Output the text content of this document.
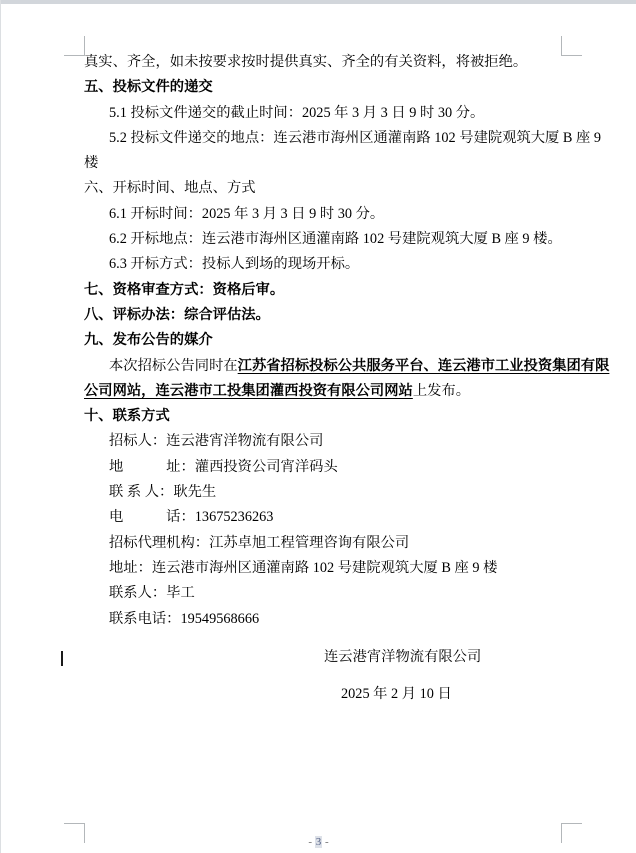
真实、齐全，如未按要求按时提供真实、齐全的有关资料，将被拒绝。
五、投标文件的递交
5.1 投标文件递交的截止时间：2025 年 3 月 3 日 9 时 30 分。
5.2 投标文件递交的地点：连云港市海州区通灌南路 102 号建院观筑大厦 B 座 9
楼
六、开标时间、地点、方式
6.1 开标时间：2025 年 3 月 3 日 9 时 30 分。
6.2 开标地点：连云港市海州区通灌南路 102 号建院观筑大厦 B 座 9 楼。
6.3 开标方式：投标人到场的现场开标。
七、资格审查方式：资格后审。
八、评标办法：综合评估法。
九、发布公告的媒介
本次招标公告同时在江苏省招标投标公共服务平台、连云港市工业投资集团有限
公司网站，连云港市工投集团灌西投资有限公司网站上发布。
十、联系方式
招标人：连云港宵洋物流有限公司
地　　　址：灌西投资公司宵洋码头
联 系 人：耿先生
电　　　话：13675236263
招标代理机构：江苏卓旭工程管理咨询有限公司
地址：连云港市海州区通灌南路 102 号建院观筑大厦 B 座 9 楼
联系人：毕工
联系电话：19549568666
连云港宵洋物流有限公司
2025 年 2 月 10 日
- 3 -
